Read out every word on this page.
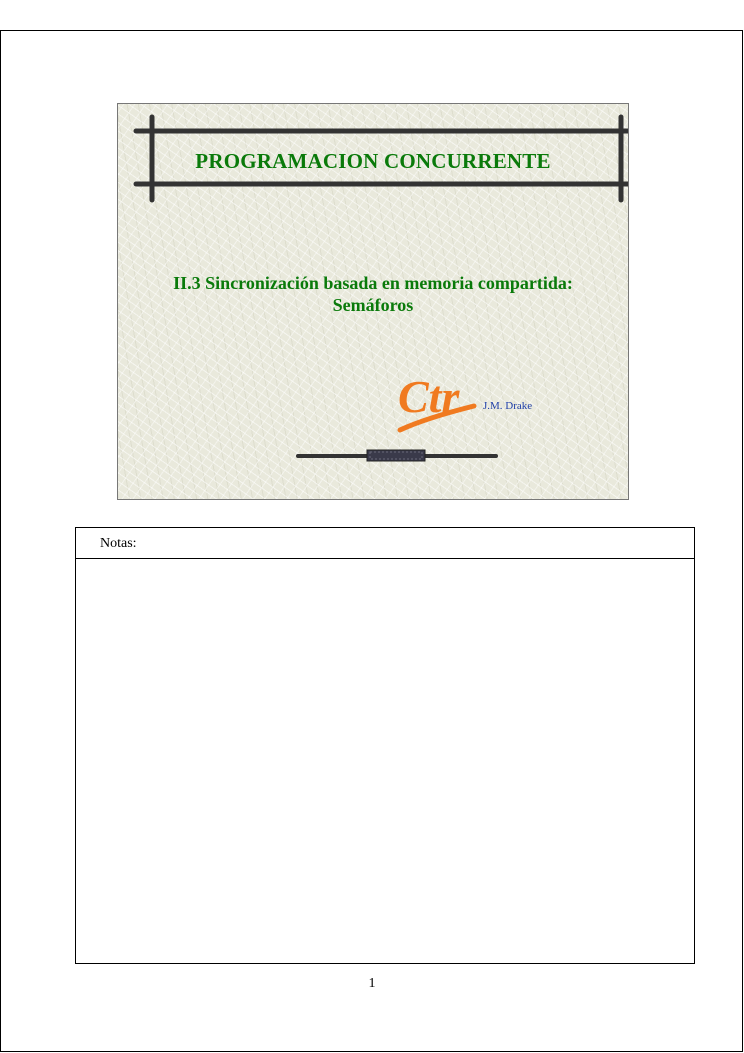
PROGRAMACION CONCURRENTE
II.3 Sincronización basada en memoria compartida:
Semáforos
Ctr J.M. Drake
Notas:
1
